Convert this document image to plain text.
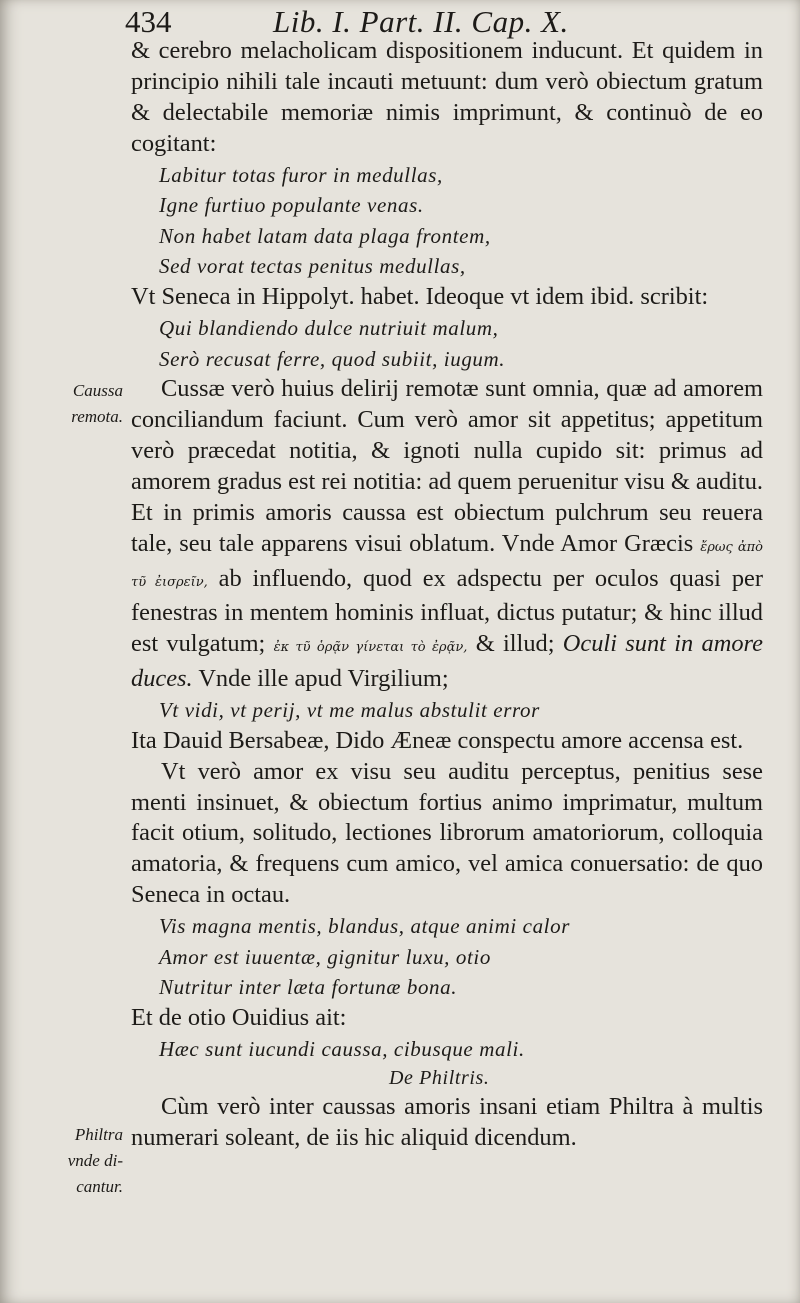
434	Lib. I. Part. II. Cap. X.
Caussa
remota.
Philtra
vnde di-
cantur.

& cerebro melacholicam dispositionem inducunt. Et quidem in principio nihili tale incauti metuunt: dum verò obiectum gratum & delectabile memoriæ nimis imprimunt, & continuò de eo cogitant:

Labitur totas furor in medullas,

Igne furtiuo populante venas.

Non habet latam data plaga frontem,

Sed vorat tectas penitus medullas,

Vt Seneca in Hippolyt. habet. Ideoque vt idem ibid. scribit:

Qui blandiendo dulce nutriuit malum,

Serò recusat ferre, quod subiit, iugum.

Cussæ verò huius delirij remotæ sunt omnia, quæ ad amorem conciliandum faciunt. Cum verò amor sit appetitus; appetitum verò præcedat notitia, & ignoti nulla cupido sit: primus ad amorem gradus est rei notitia: ad quem peruenitur visu & auditu. Et in primis amoris caussa est obiectum pulchrum seu reuera tale, seu tale apparens visui oblatum. Vnde Amor Græcis ἔρως ἀπὸ τῦ ἐισρεῖν, ab influendo, quod ex adspectu per oculos quasi per fenestras in mentem hominis influat, dictus putatur; & hinc illud est vulgatum; ἐκ τῦ ὁρᾷν γίνεται τὸ ἐρᾷν, & illud; Oculi sunt in amore duces. Vnde ille apud Virgilium;

Vt vidi, vt perij, vt me malus abstulit error

Ita Dauid Bersabeæ, Dido Æneæ conspectu amore accensa est.

Vt verò amor ex visu seu auditu perceptus, penitius sese menti insinuet, & obiectum fortius animo imprimatur, multum facit otium, solitudo, lectiones librorum amatoriorum, colloquia amatoria, & frequens cum amico, vel amica conuersatio: de quo Seneca in octau.

Vis magna mentis, blandus, atque animi calor

Amor est iuuentæ, gignitur luxu, otio

Nutritur inter læta fortunæ bona.

Et de otio Ouidius ait:

Hæc sunt iucundi caussa, cibusque mali.

De Philtris.

Cùm verò inter caussas amoris insani etiam Philtra à multis numerari soleant, de iis hic aliquid dicendum.
